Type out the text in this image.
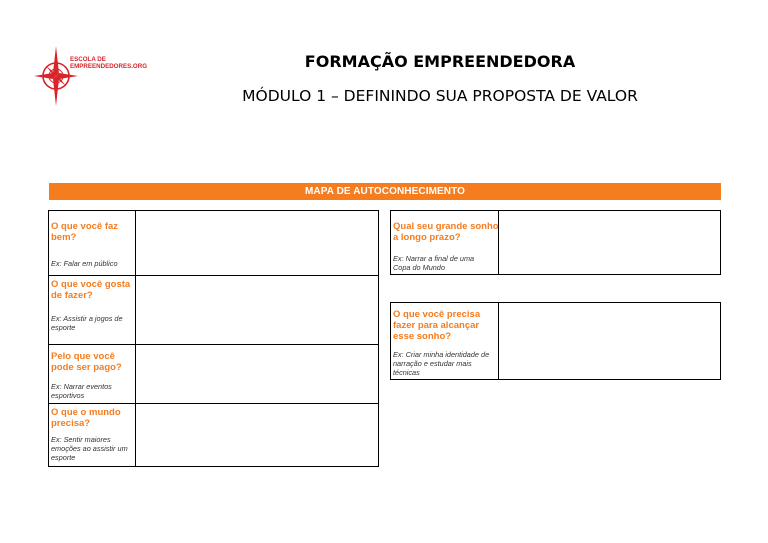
ESCOLA DE
EMPREENDEDORES.ORG	FORMAÇÃO EMPREENDEDORA
MÓDULO 1 – DEFININDO SUA PROPOSTA DE VALOR
MAPA DE AUTOCONHECIMENTO
O que você faz bem?
Ex: Falar em público
O que você gosta de fazer?
Ex: Assistir a jogos de esporte
Pelo que você pode ser pago?
Ex: Narrar eventos esportivos
O que o mundo precisa?
Ex: Sentir maiores emoções ao assistir um esporte
Qual seu grande sonho a longo prazo?
Ex: Narrar a final de uma Copa do Mundo
O que você precisa fazer para alcançar esse sonho?
Ex: Criar minha identidade de narração e estudar mais técnicas
